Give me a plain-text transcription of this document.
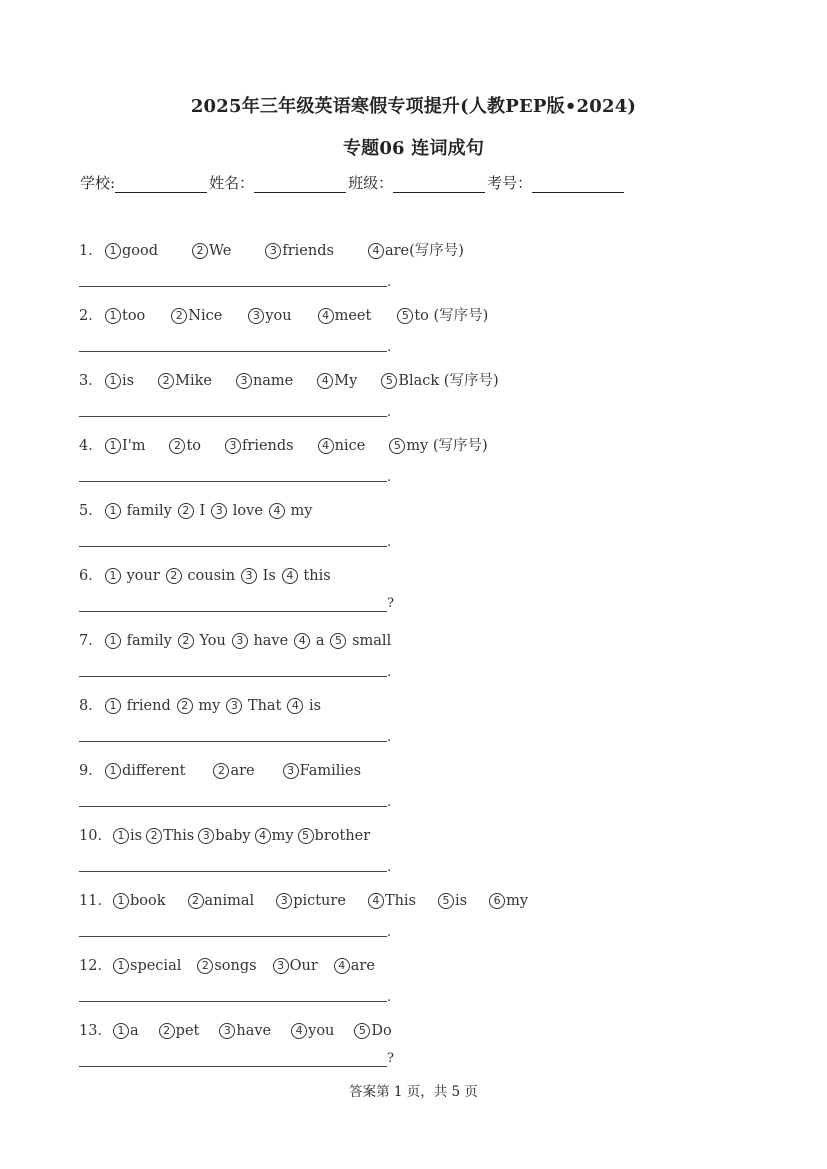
2025年三年级英语寒假专项提升(人教PEP版•2024)
专题06 连词成句
学校:	姓名：	班级：	考号：
1． 1 good	2 We	3 friends	4 are(写序号)
.
2． 1 too	2 Nice	3 you	4 meet	5 to (写序号)
.
3． 1 is	2 Mike	3 name	4 My	5 Black (写序号)
.
4． 1 I'm	2 to	3 friends	4 nice	5 my (写序号)
.
5． 1 family 2 I 3 love 4 my
.
6． 1 your 2 cousin 3 Is 4 this
?
7． 1 family 2 You 3 have 4 a 5 small
.
8． 1 friend 2 my 3 That 4 is
.
9． 1 different	2 are	3 Families
.
10． 1 is 2 This 3 baby 4 my 5 brother
.
11． 1 book 2 animal 3 picture 4 This 5 is 6 my
.
12． 1 special 2 songs 3 Our 4 are
.
13． 1 a 2 pet 3 have 4 you 5 Do
?
答案第 1 页，共 5 页
